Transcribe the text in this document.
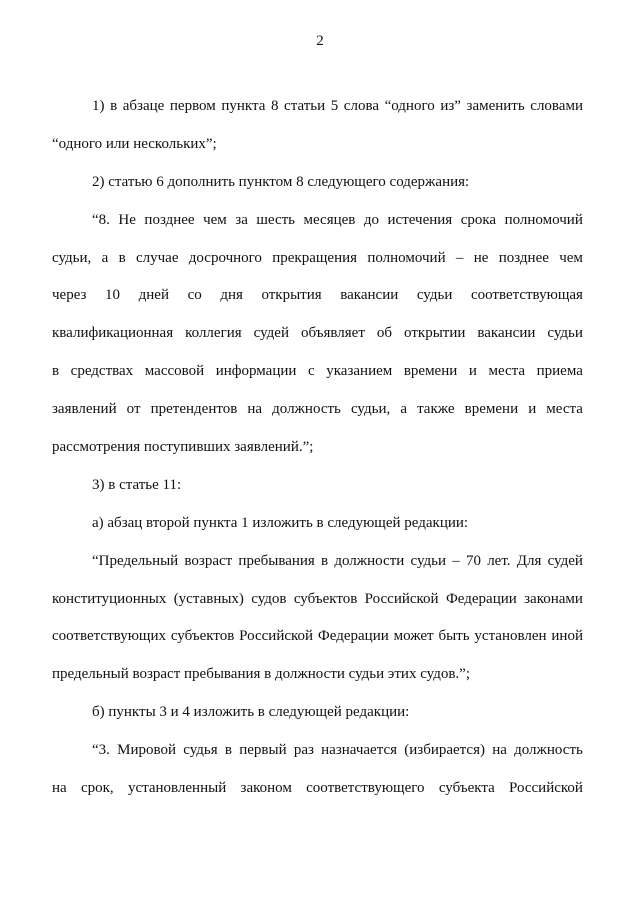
2
1) в абзаце первом пункта 8 статьи 5 слова “одного из” заменить словами
“одного или нескольких”;
2) статью 6 дополнить пунктом 8 следующего содержания:
“8. Не позднее чем за шесть месяцев до истечения срока полномочий
судьи, а в случае досрочного прекращения полномочий – не позднее чем
через 10 дней со дня открытия вакансии судьи соответствующая
квалификационная коллегия судей объявляет об открытии вакансии судьи
в средствах массовой информации с указанием времени и места приема
заявлений от претендентов на должность судьи, а также времени и места
рассмотрения поступивших заявлений.”;
3) в статье 11:
а) абзац второй пункта 1 изложить в следующей редакции:
“Предельный возраст пребывания в должности судьи – 70 лет. Для судей
конституционных (уставных) судов субъектов Российской Федерации законами
соответствующих субъектов Российской Федерации может быть установлен иной
предельный возраст пребывания в должности судьи этих судов.”;
б) пункты 3 и 4 изложить в следующей редакции:
“3. Мировой судья в первый раз назначается (избирается) на должность
на срок, установленный законом соответствующего субъекта Российской
